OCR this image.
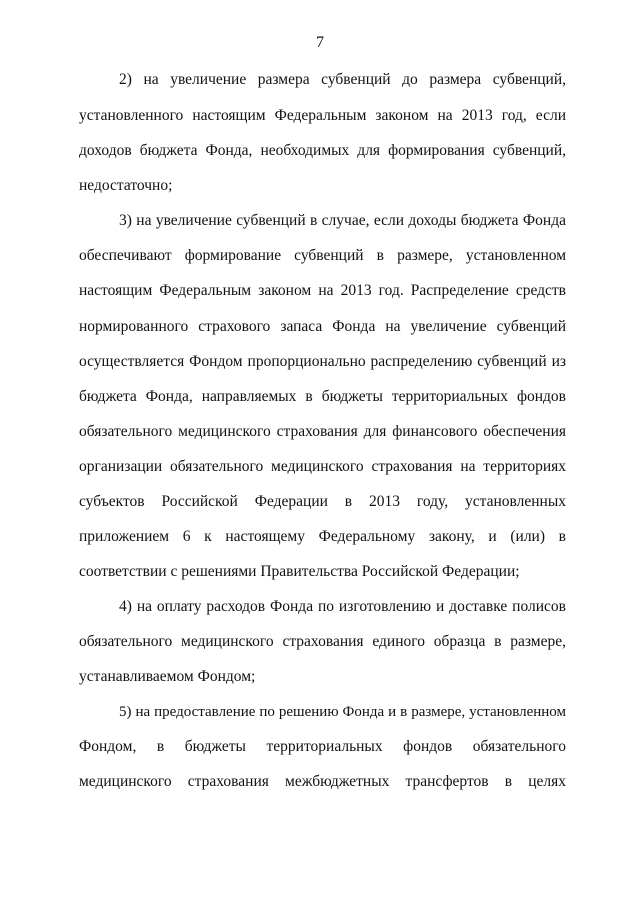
7
2) на увеличение размера субвенций до размера субвенций,
установленного настоящим Федеральным законом на 2013 год, если
доходов бюджета Фонда, необходимых для формирования субвенций,
недостаточно;
3) на увеличение субвенций в случае, если доходы бюджета Фонда
обеспечивают формирование субвенций в размере, установленном
настоящим Федеральным законом на 2013 год. Распределение средств
нормированного страхового запаса Фонда на увеличение субвенций
осуществляется Фондом пропорционально распределению субвенций из
бюджета Фонда, направляемых в бюджеты территориальных фондов
обязательного медицинского страхования для финансового обеспечения
организации обязательного медицинского страхования на территориях
субъектов Российской Федерации в 2013 году, установленных
приложением 6 к настоящему Федеральному закону, и (или) в
соответствии с решениями Правительства Российской Федерации;
4) на оплату расходов Фонда по изготовлению и доставке полисов
обязательного медицинского страхования единого образца в размере,
устанавливаемом Фондом;
5) на предоставление по решению Фонда и в размере, установленном
Фондом, в бюджеты территориальных фондов обязательного
медицинского страхования межбюджетных трансфертов в целях
